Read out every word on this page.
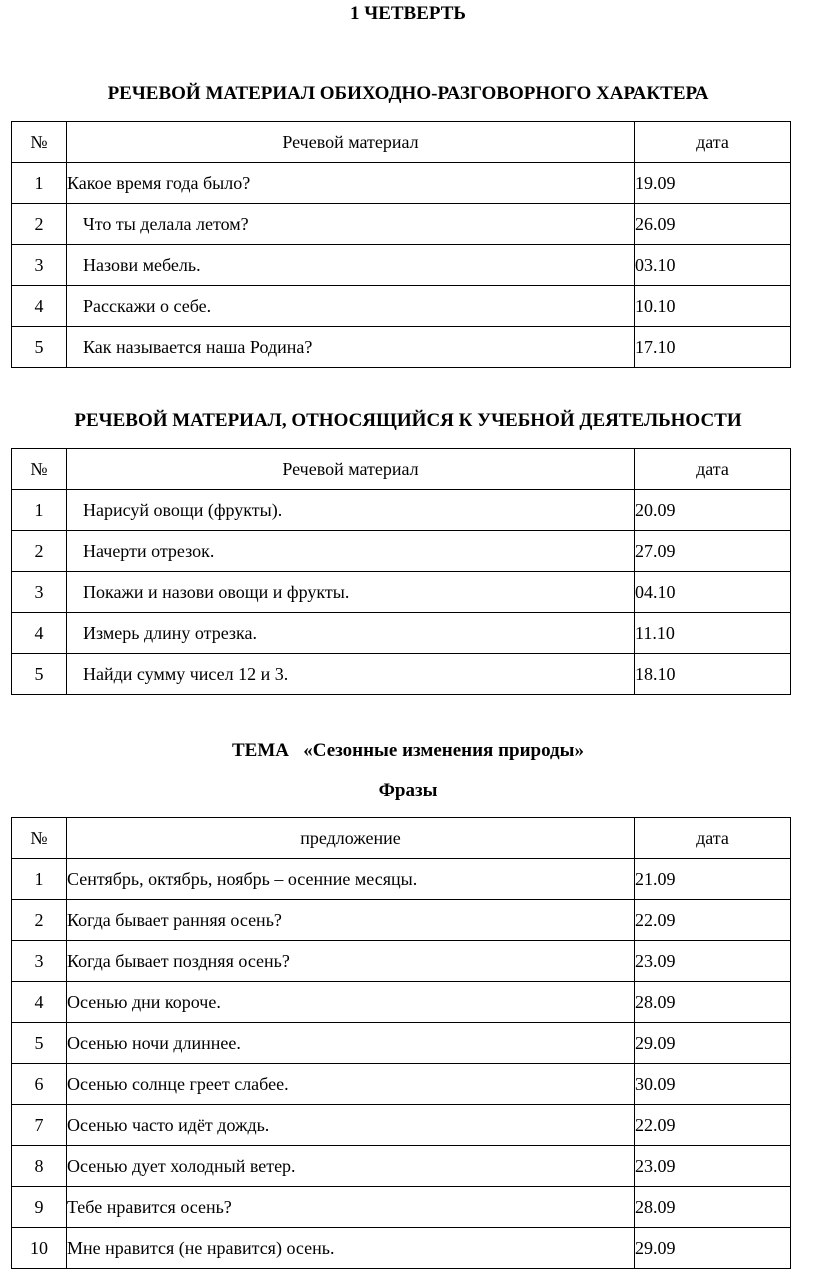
1 ЧЕТВЕРТЬ
РЕЧЕВОЙ МАТЕРИАЛ ОБИХОДНО-РАЗГОВОРНОГО ХАРАКТЕРА
№	Речевой материал	дата
1	Какое время года было?	19.09
2	Что ты делала летом?	26.09
3	Назови мебель.	03.10
4	Расскажи о себе.	10.10
5	Как называется наша Родина?	17.10
РЕЧЕВОЙ МАТЕРИАЛ, ОТНОСЯЩИЙСЯ К УЧЕБНОЙ ДЕЯТЕЛЬНОСТИ
№	Речевой материал	дата
1	Нарисуй овощи (фрукты).	20.09
2	Начерти отрезок.	27.09
3	Покажи и назови овощи и фрукты.	04.10
4	Измерь длину отрезка.	11.10
5	Найди сумму чисел 12 и 3.	18.10
ТЕМА   «Сезонные изменения природы»
Фразы
№	предложение	дата
1	Сентябрь, октябрь, ноябрь – осенние месяцы.	21.09
2	Когда бывает ранняя осень?	22.09
3	Когда бывает поздняя осень?	23.09
4	Осенью дни короче.	28.09
5	Осенью ночи длиннее.	29.09
6	Осенью солнце греет слабее.	30.09
7	Осенью часто идёт дождь.	22.09
8	Осенью дует холодный ветер.	23.09
9	Тебе нравится осень?	28.09
10	Мне нравится (не нравится) осень.	29.09
